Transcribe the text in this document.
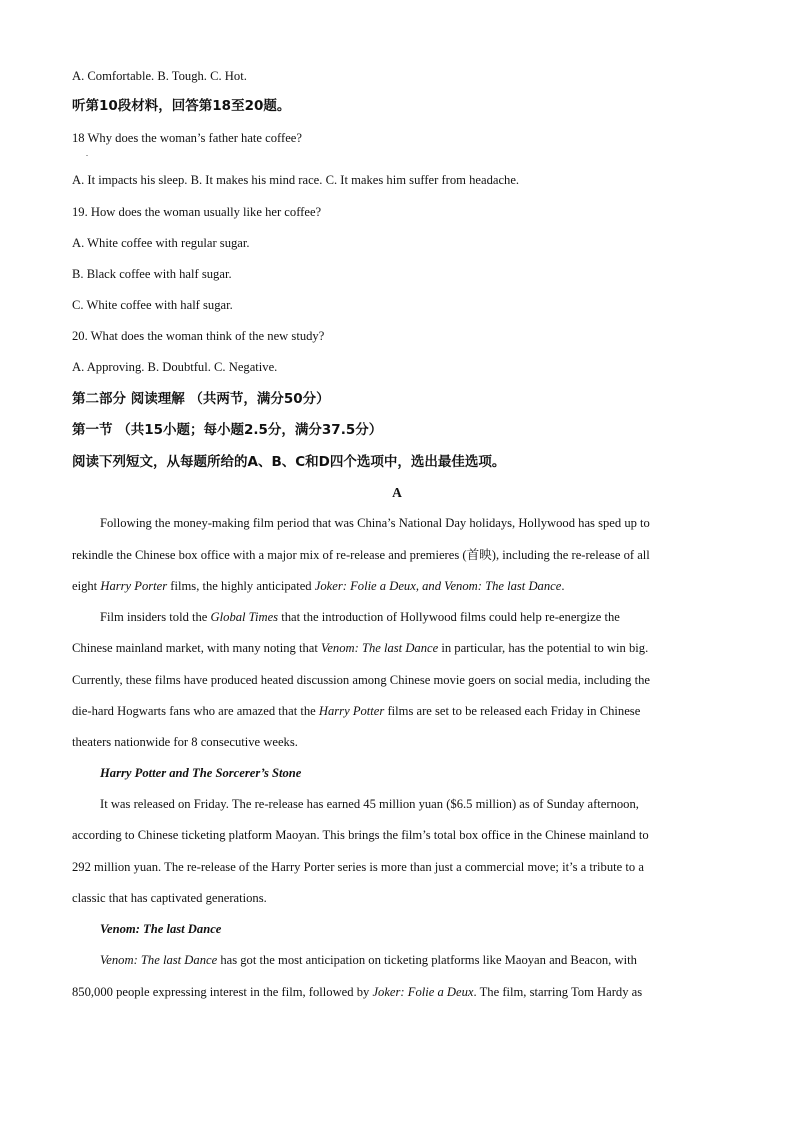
A. Comfortable. B. Tough. C. Hot.

听第10段材料，回答第18至20题。

18 Why does the woman’s father hate coffee?

.

A. It impacts his sleep. B. It makes his mind race. C. It makes him suffer from headache.

19. How does the woman usually like her coffee?

A. White coffee with regular sugar.

B. Black coffee with half sugar.

C. White coffee with half sugar.

20. What does the woman think of the new study?

A. Approving. B. Doubtful. C. Negative.

第二部分 阅读理解 （共两节，满分50分）

第一节 （共15小题；每小题2.5分，满分37.5分）

阅读下列短文，从每题所给的A、B、C和D四个选项中，选出最佳选项。

A

Following the money-making film period that was China’s National Day holidays, Hollywood has sped up to

rekindle the Chinese box office with a major mix of re-release and premieres (首映), including the re-release of all

eight Harry Porter films, the highly anticipated Joker: Folie a Deux, and Venom: The last Dance.

Film insiders told the Global Times that the introduction of Hollywood films could help re-energize the

Chinese mainland market, with many noting that Venom: The last Dance in particular, has the potential to win big.

Currently, these films have produced heated discussion among Chinese movie goers on social media, including the

die-hard Hogwarts fans who are amazed that the Harry Potter films are set to be released each Friday in Chinese

theaters nationwide for 8 consecutive weeks.

Harry Potter and The Sorcerer’s Stone

It was released on Friday. The re-release has earned 45 million yuan ($6.5 million) as of Sunday afternoon,

according to Chinese ticketing platform Maoyan. This brings the film’s total box office in the Chinese mainland to

292 million yuan. The re-release of the Harry Porter series is more than just a commercial move; it’s a tribute to a

classic that has captivated generations.

Venom: The last Dance

Venom: The last Dance has got the most anticipation on ticketing platforms like Maoyan and Beacon, with

850,000 people expressing interest in the film, followed by Joker: Folie a Deux. The film, starring Tom Hardy as
